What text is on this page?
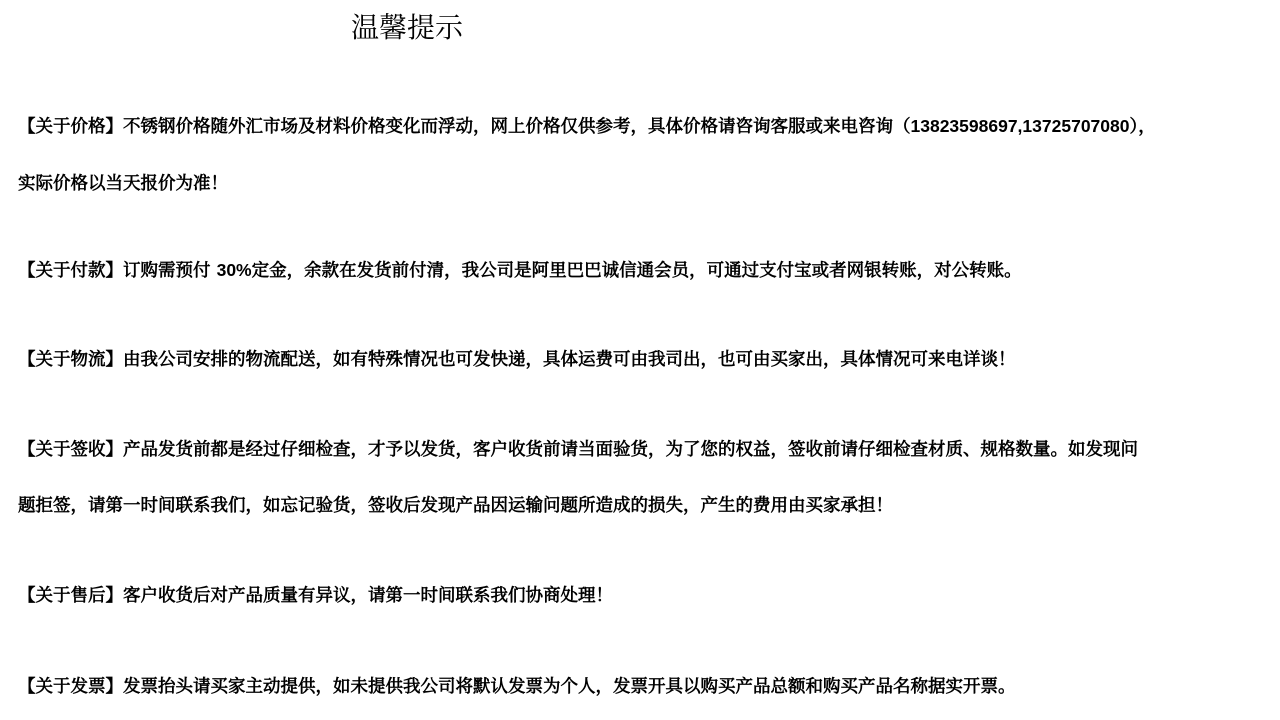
温馨提示

【关于价格】不锈钢价格随外汇市场及材料价格变化而浮动，网上价格仅供参考，具体价格请咨询客服或来电咨询（13823598697,13725707080），

实际价格以当天报价为准！

【关于付款】订购需预付 30%定金，余款在发货前付清，我公司是阿里巴巴诚信通会员，可通过支付宝或者网银转账，对公转账。

【关于物流】由我公司安排的物流配送，如有特殊情况也可发快递，具体运费可由我司出，也可由买家出，具体情况可来电详谈！

【关于签收】产品发货前都是经过仔细检查，才予以发货，客户收货前请当面验货，为了您的权益，签收前请仔细检查材质、规格数量。如发现问

题拒签，请第一时间联系我们，如忘记验货，签收后发现产品因运输问题所造成的损失，产生的费用由买家承担！

【关于售后】客户收货后对产品质量有异议，请第一时间联系我们协商处理！

【关于发票】发票抬头请买家主动提供，如未提供我公司将默认发票为个人，发票开具以购买产品总额和购买产品名称据实开票。
